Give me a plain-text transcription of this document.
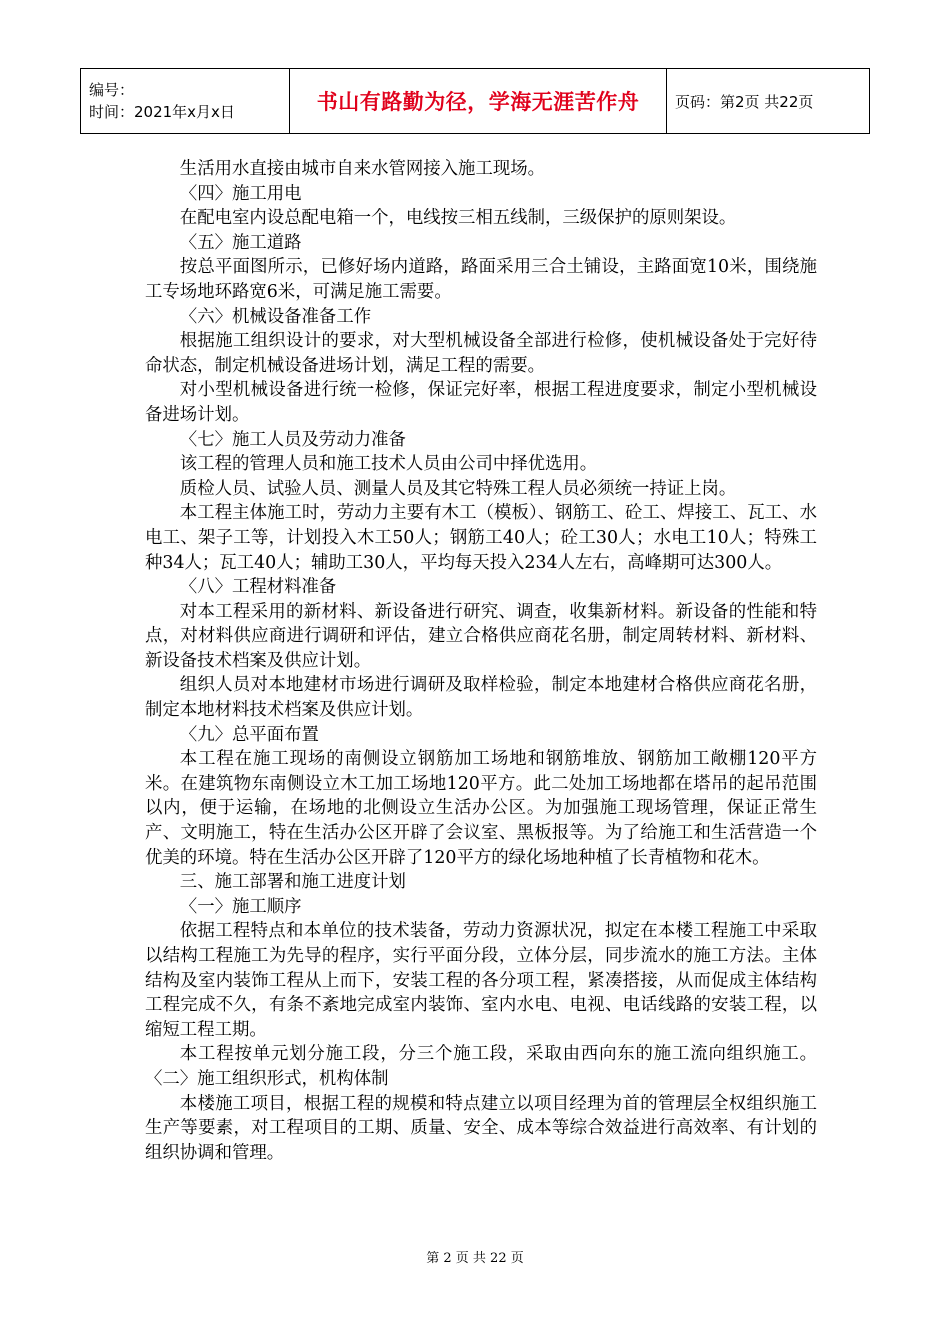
编号：
时间：2021年x月x日	书山有路勤为径，学海无涯苦作舟	页码：第2页 共22页

生活用水直接由城市自来水管网接入施工现场。

〈四〉施工用电

在配电室内设总配电箱一个，电线按三相五线制，三级保护的原则架设。

〈五〉施工道路

按总平面图所示，已修好场内道路，路面采用三合土铺设，主路面宽10米，围绕施工专场地环路宽6米，可满足施工需要。

〈六〉机械设备准备工作

根据施工组织设计的要求，对大型机械设备全部进行检修，使机械设备处于完好待命状态，制定机械设备进场计划，满足工程的需要。

对小型机械设备进行统一检修，保证完好率，根据工程进度要求，制定小型机械设备进场计划。

〈七〉施工人员及劳动力准备

该工程的管理人员和施工技术人员由公司中择优选用。

质检人员、试验人员、测量人员及其它特殊工程人员必须统一持证上岗。

本工程主体施工时，劳动力主要有木工（模板）、钢筋工、砼工、焊接工、瓦工、水电工、架子工等，计划投入木工50人；钢筋工40人；砼工30人；水电工10人；特殊工种34人；瓦工40人；辅助工30人，平均每天投入234人左右，高峰期可达300人。

〈八〉工程材料准备

对本工程采用的新材料、新设备进行研究、调查，收集新材料。新设备的性能和特点，对材料供应商进行调研和评估，建立合格供应商花名册，制定周转材料、新材料、新设备技术档案及供应计划。

组织人员对本地建材市场进行调研及取样检验，制定本地建材合格供应商花名册，制定本地材料技术档案及供应计划。

〈九〉总平面布置

本工程在施工现场的南侧设立钢筋加工场地和钢筋堆放、钢筋加工敞棚120平方米。在建筑物东南侧设立木工加工场地120平方。此二处加工场地都在塔吊的起吊范围以内，便于运输，在场地的北侧设立生活办公区。为加强施工现场管理，保证正常生产、文明施工，特在生活办公区开辟了会议室、黑板报等。为了给施工和生活营造一个优美的环境。特在生活办公区开辟了120平方的绿化场地种植了长青植物和花木。

三、施工部署和施工进度计划

〈一〉施工顺序

依据工程特点和本单位的技术装备，劳动力资源状况，拟定在本楼工程施工中采取以结构工程施工为先导的程序，实行平面分段，立体分层，同步流水的施工方法。主体结构及室内装饰工程从上而下，安装工程的各分项工程，紧凑搭接，从而促成主体结构工程完成不久，有条不紊地完成室内装饰、室内水电、电视、电话线路的安装工程，以缩短工程工期。

本工程按单元划分施工段，分三个施工段，采取由西向东的施工流向组织施工。〈二〉施工组织形式，机构体制

本楼施工项目，根据工程的规模和特点建立以项目经理为首的管理层全权组织施工生产等要素，对工程项目的工期、质量、安全、成本等综合效益进行高效率、有计划的组织协调和管理。

第 2 页 共 22 页
